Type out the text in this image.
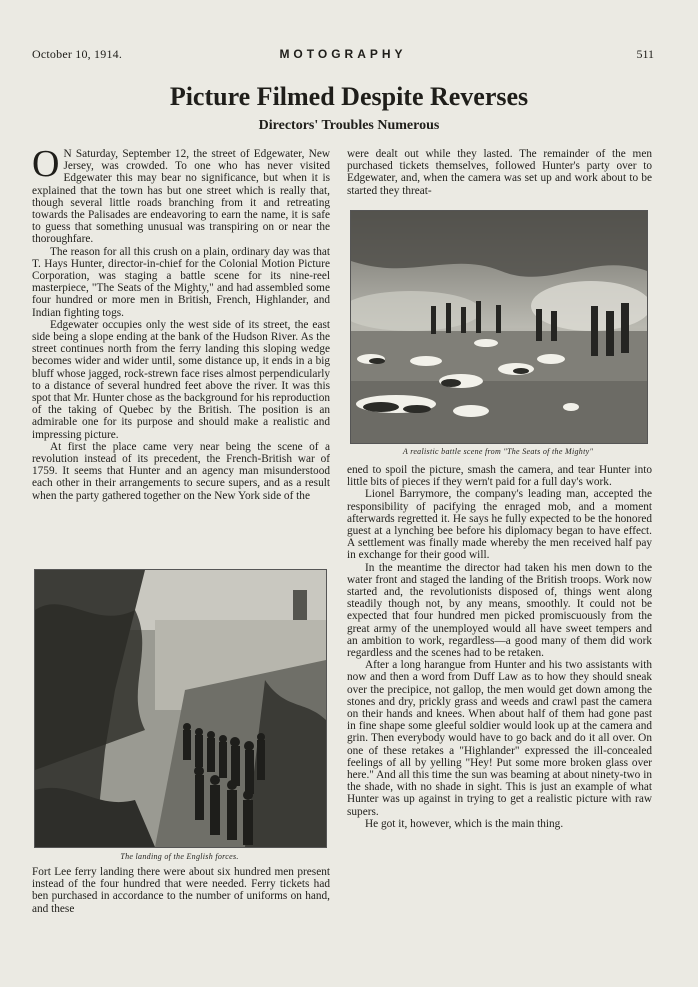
October 10, 1914.	MOTOGRAPHY	511
Picture Filmed Despite Reverses
Directors' Troubles Numerous

O N Saturday, September 12, the street of Edgewater, New Jersey, was crowded. To one who has never visited Edgewater this may bear no significance, but when it is explained that the town has but one street which is really that, though several little roads branching from it and retreating towards the Palisades are endeavoring to earn the name, it is safe to guess that something unusual was transpiring on or near the thoroughfare.

The reason for all this crush on a plain, ordinary day was that T. Hays Hunter, director-in-chief for the Colonial Motion Picture Corporation, was staging a battle scene for its nine-reel masterpiece, "The Seats of the Mighty," and had assembled some four hundred or more men in British, French, Highlander, and Indian fighting togs.

Edgewater occupies only the west side of its street, the east side being a slope ending at the bank of the Hudson River. As the street continues north from the ferry landing this sloping wedge becomes wider and wider until, some distance up, it ends in a big bluff whose jagged, rock-strewn face rises almost perpendicularly to a distance of several hundred feet above the river. It was this spot that Mr. Hunter chose as the background for his reproduction of the taking of Quebec by the British. The position is an admirable one for its purpose and should make a realistic and impressing picture.

At first the place came very near being the scene of a revolution instead of its precedent, the French-British war of 1759. It seems that Hunter and an agency man misunderstood each other in their arrangements to secure supers, and as a result when the party gathered together on the New York side of the

The landing of the English forces.

Fort Lee ferry landing there were about six hundred men present instead of the four hundred that were needed. Ferry tickets had ben purchased in accordance to the number of uniforms on hand, and these

were dealt out while they lasted. The remainder of the men purchased tickets themselves, followed Hunter's party over to Edgewater, and, when the camera was set up and work about to be started they threat-

A realistic battle scene from "The Seats of the Mighty"

ened to spoil the picture, smash the camera, and tear Hunter into little bits of pieces if they wern't paid for a full day's work.

Lionel Barrymore, the company's leading man, accepted the responsibility of pacifying the enraged mob, and a moment afterwards regretted it. He says he fully expected to be the honored guest at a lynching bee before his diplomacy began to have effect. A settlement was finally made whereby the men received half pay in exchange for their good will.

In the meantime the director had taken his men down to the water front and staged the landing of the British troops. Work now started and, the revolutionists disposed of, things went along steadily though not, by any means, smoothly. It could not be expected that four hundred men picked promiscuously from the great army of the unemployed would all have sweet tempers and an ambition to work, regardless—a good many of them did work regardless and the scenes had to be retaken.

After a long harangue from Hunter and his two assistants with now and then a word from Duff Law as to how they should sneak over the precipice, not gallop, the men would get down among the stones and dry, prickly grass and weeds and crawl past the camera on their hands and knees. When about half of them had gone past in fine shape some gleeful soldier would look up at the camera and grin. Then everybody would have to go back and do it all over. On one of these retakes a "Highlander" expressed the ill-concealed feelings of all by yelling "Hey! Put some more broken glass over here." And all this time the sun was beaming at about ninety-two in the shade, with no shade in sight. This is just an example of what Hunter was up against in trying to get a realistic picture with raw supers.

He got it, however, which is the main thing.
